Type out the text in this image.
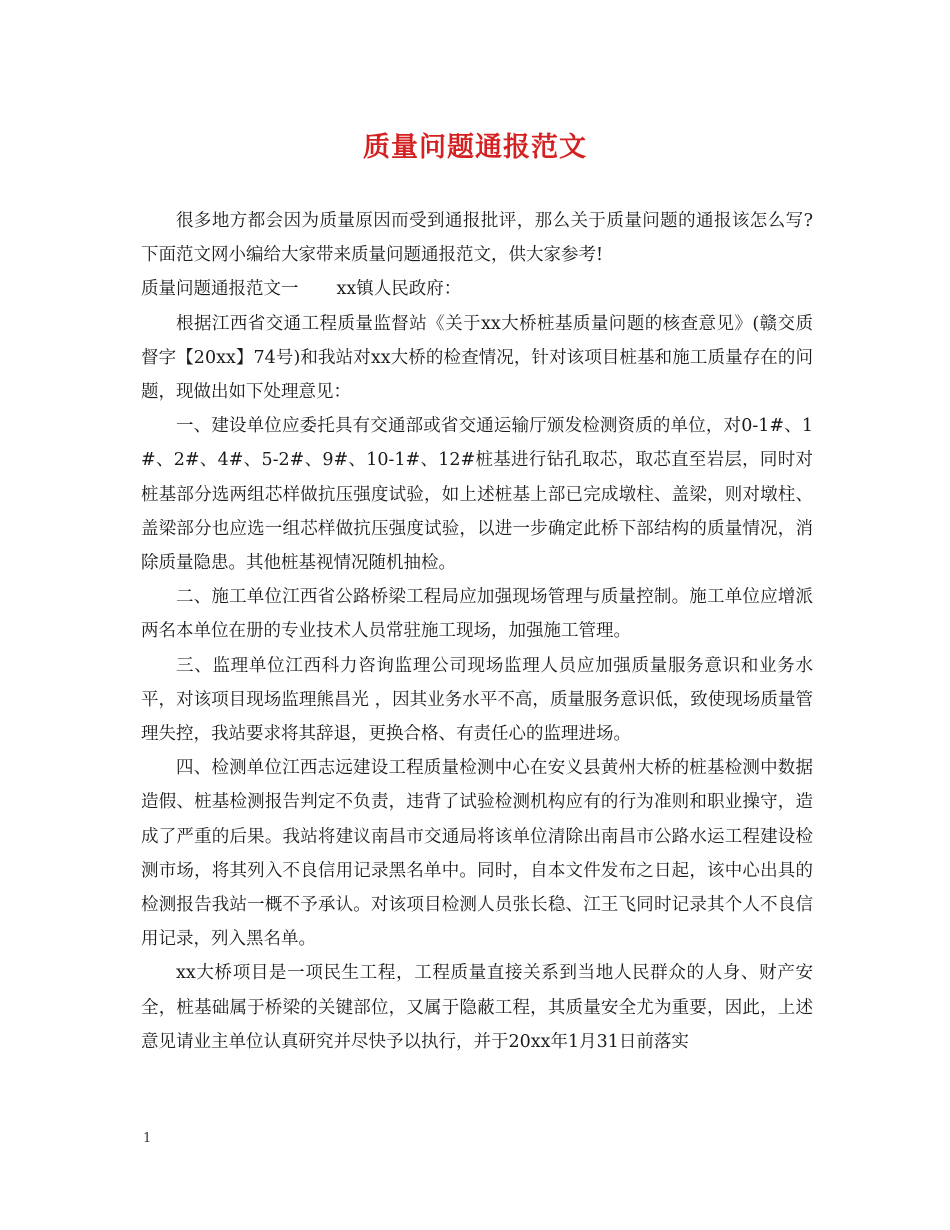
质量问题通报范文

很多地方都会因为质量原因而受到通报批评，那么关于质量问题的通报该怎么写?下面范文网小编给大家带来质量问题通报范文，供大家参考!

质量问题通报范文一 xx镇人民政府：

根据江西省交通工程质量监督站《关于xx大桥桩基质量问题的核查意见》(赣交质督字【20xx】74号)和我站对xx大桥的检查情况，针对该项目桩基和施工质量存在的问题，现做出如下处理意见：

一、建设单位应委托具有交通部或省交通运输厅颁发检测资质的单位，对0-1#、1#、2#、4#、5-2#、9#、10-1#、12#桩基进行钻孔取芯，取芯直至岩层，同时对桩基部分选两组芯样做抗压强度试验，如上述桩基上部已完成墩柱、盖梁，则对墩柱、盖梁部分也应选一组芯样做抗压强度试验，以进一步确定此桥下部结构的质量情况，消除质量隐患。其他桩基视情况随机抽检。

二、施工单位江西省公路桥梁工程局应加强现场管理与质量控制。施工单位应增派两名本单位在册的专业技术人员常驻施工现场，加强施工管理。

三、监理单位江西科力咨询监理公司现场监理人员应加强质量服务意识和业务水平，对该项目现场监理熊昌光 ，因其业务水平不高，质量服务意识低，致使现场质量管理失控，我站要求将其辞退，更换合格、有责任心的监理进场。

四、检测单位江西志远建设工程质量检测中心在安义县黄州大桥的桩基检测中数据造假、桩基检测报告判定不负责，违背了试验检测机构应有的行为准则和职业操守，造成了严重的后果。我站将建议南昌市交通局将该单位清除出南昌市公路水运工程建设检测市场，将其列入不良信用记录黑名单中。同时，自本文件发布之日起，该中心出具的检测报告我站一概不予承认。对该项目检测人员张长稳、江王飞同时记录其个人不良信用记录，列入黑名单。

xx大桥项目是一项民生工程，工程质量直接关系到当地人民群众的人身、财产安全，桩基础属于桥梁的关键部位，又属于隐蔽工程，其质量安全尤为重要，因此，上述意见请业主单位认真研究并尽快予以执行，并于20xx年1月31日前落实

1
